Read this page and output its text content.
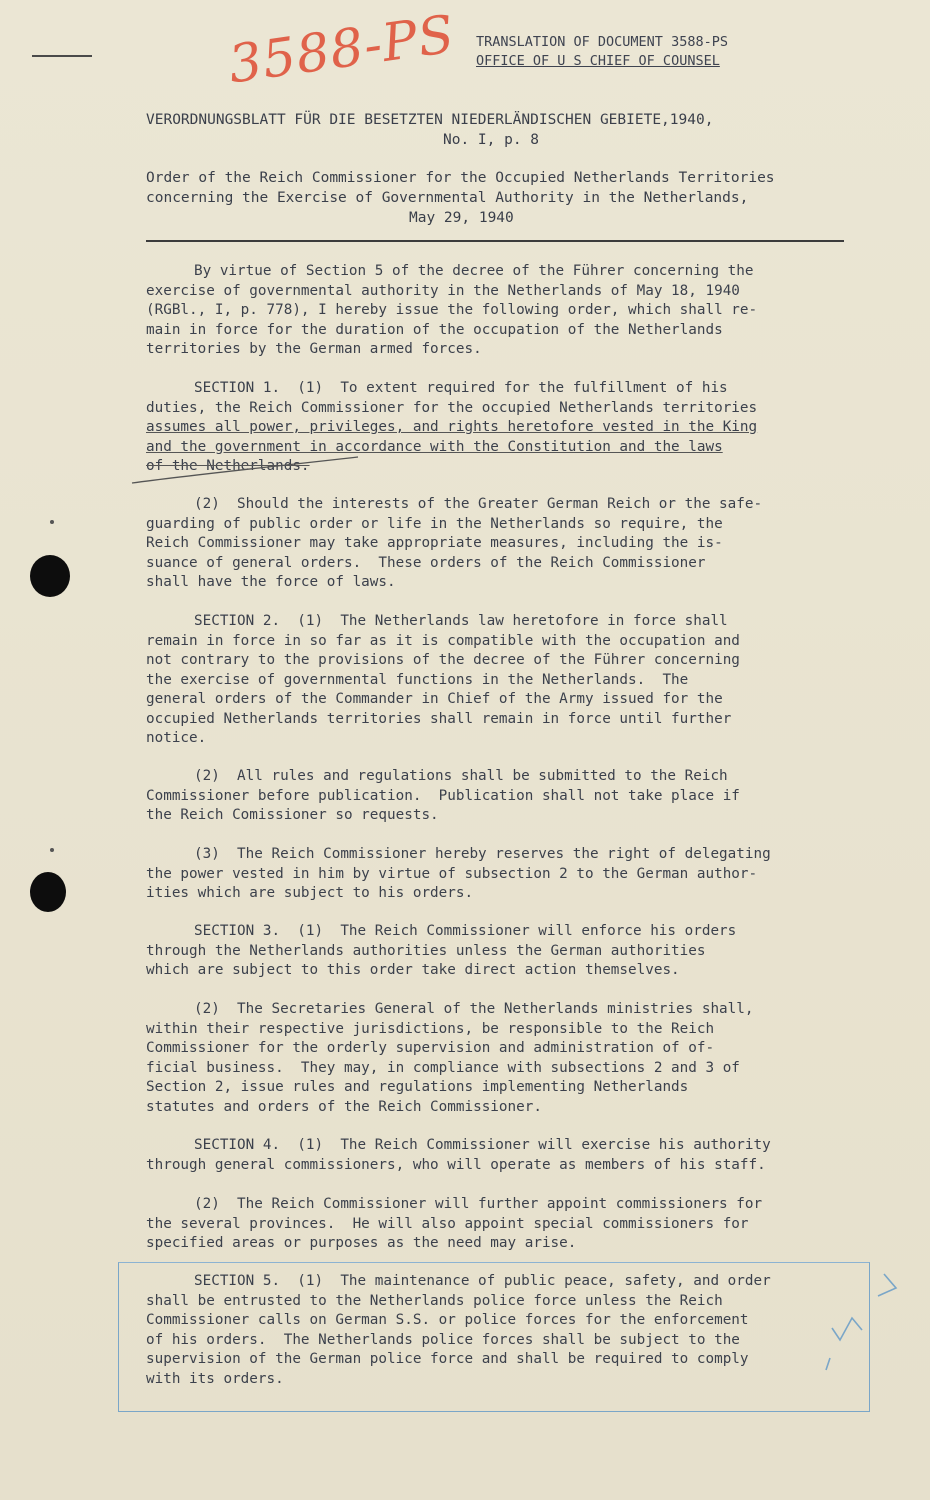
3588-PS TRANSLATION OF DOCUMENT 3588-PS
OFFICE OF U S CHIEF OF COUNSEL
VERORDNUNGSBLATT FÜR DIE BESETZTEN NIEDERLÄNDISCHEN GEBIETE,1940,
No. I, p. 8
Order of the Reich Commissioner for the Occupied Netherlands Territories
concerning the Exercise of Governmental Authority in the Netherlands,
May 29, 1940
By virtue of Section 5 of the decree of the Führer concerning the
exercise of governmental authority in the Netherlands of May 18, 1940
(RGBl., I, p. 778), I hereby issue the following order, which shall re-
main in force for the duration of the occupation of the Netherlands
territories by the German armed forces.
SECTION 1.  (1)  To extent required for the fulfillment of his
duties, the Reich Commissioner for the occupied Netherlands territories
assumes all power, privileges, and rights heretofore vested in the King
and the government in accordance with the Constitution and the laws
of the Netherlands.
(2)  Should the interests of the Greater German Reich or the safe-
guarding of public order or life in the Netherlands so require, the
Reich Commissioner may take appropriate measures, including the is-
suance of general orders.  These orders of the Reich Commissioner
shall have the force of laws.
SECTION 2.  (1)  The Netherlands law heretofore in force shall
remain in force in so far as it is compatible with the occupation and
not contrary to the provisions of the decree of the Führer concerning
the exercise of governmental functions in the Netherlands.  The
general orders of the Commander in Chief of the Army issued for the
occupied Netherlands territories shall remain in force until further
notice.
(2)  All rules and regulations shall be submitted to the Reich
Commissioner before publication.  Publication shall not take place if
the Reich Comissioner so requests.
(3)  The Reich Commissioner hereby reserves the right of delegating
the power vested in him by virtue of subsection 2 to the German author-
ities which are subject to his orders.
SECTION 3.  (1)  The Reich Commissioner will enforce his orders
through the Netherlands authorities unless the German authorities
which are subject to this order take direct action themselves.
(2)  The Secretaries General of the Netherlands ministries shall,
within their respective jurisdictions, be responsible to the Reich
Commissioner for the orderly supervision and administration of of-
ficial business.  They may, in compliance with subsections 2 and 3 of
Section 2, issue rules and regulations implementing Netherlands
statutes and orders of the Reich Commissioner.
SECTION 4.  (1)  The Reich Commissioner will exercise his authority
through general commissioners, who will operate as members of his staff.
(2)  The Reich Commissioner will further appoint commissioners for
the several provinces.  He will also appoint special commissioners for
specified areas or purposes as the need may arise.
SECTION 5.  (1)  The maintenance of public peace, safety, and order
shall be entrusted to the Netherlands police force unless the Reich
Commissioner calls on German S.S. or police forces for the enforcement
of his orders.  The Netherlands police forces shall be subject to the
supervision of the German police force and shall be required to comply
with its orders.
